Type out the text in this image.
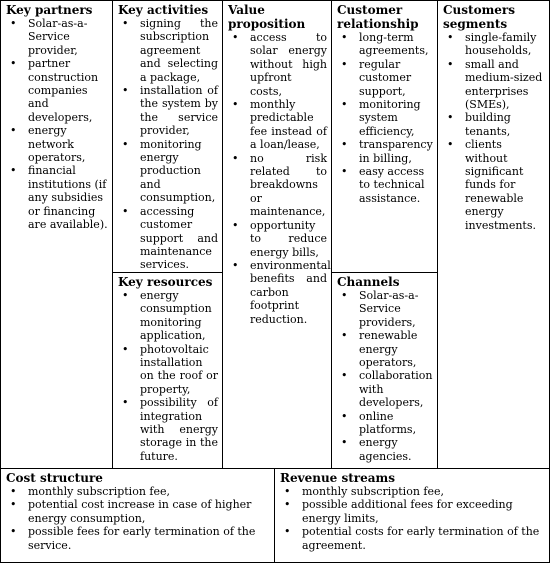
Key partners
• Solar-as-a-Service provider,
• partner construction companies and developers,
• energy network operators,
• financial institutions (if any subsidies or financing are available).
Key activities
• signing the subscription agreement and selecting a package,
• installation of the system by the service provider,
• monitoring energy production and consumption,
• accessing customer support and maintenance services.
Key resources
• energy consumption monitoring application,
• photovoltaic installation on the roof or property,
• possibility of integration with energy storage in the future.
Value proposition
• access to solar energy without high upfront costs,
• monthly predictable fee instead of a loan/lease,
• no risk related to breakdowns or maintenance,
• opportunity to reduce energy bills,
• environmental benefits and carbon footprint reduction.
Customer relationship
• long-term agreements,
• regular customer support,
• monitoring system efficiency,
• transparency in billing,
• easy access to technical assistance.
Channels
• Solar-as-a-Service providers,
• renewable energy operators,
• collaboration with developers,
• online platforms,
• energy agencies.
Customers segments
• single-family households,
• small and medium-sized enterprises (SMEs),
• building tenants,
• clients without significant funds for renewable energy investments.
Cost structure
• monthly subscription fee,
• potential cost increase in case of higher energy consumption,
• possible fees for early termination of the service.
Revenue streams
• monthly subscription fee,
• possible additional fees for exceeding energy limits,
• potential costs for early termination of the agreement.
